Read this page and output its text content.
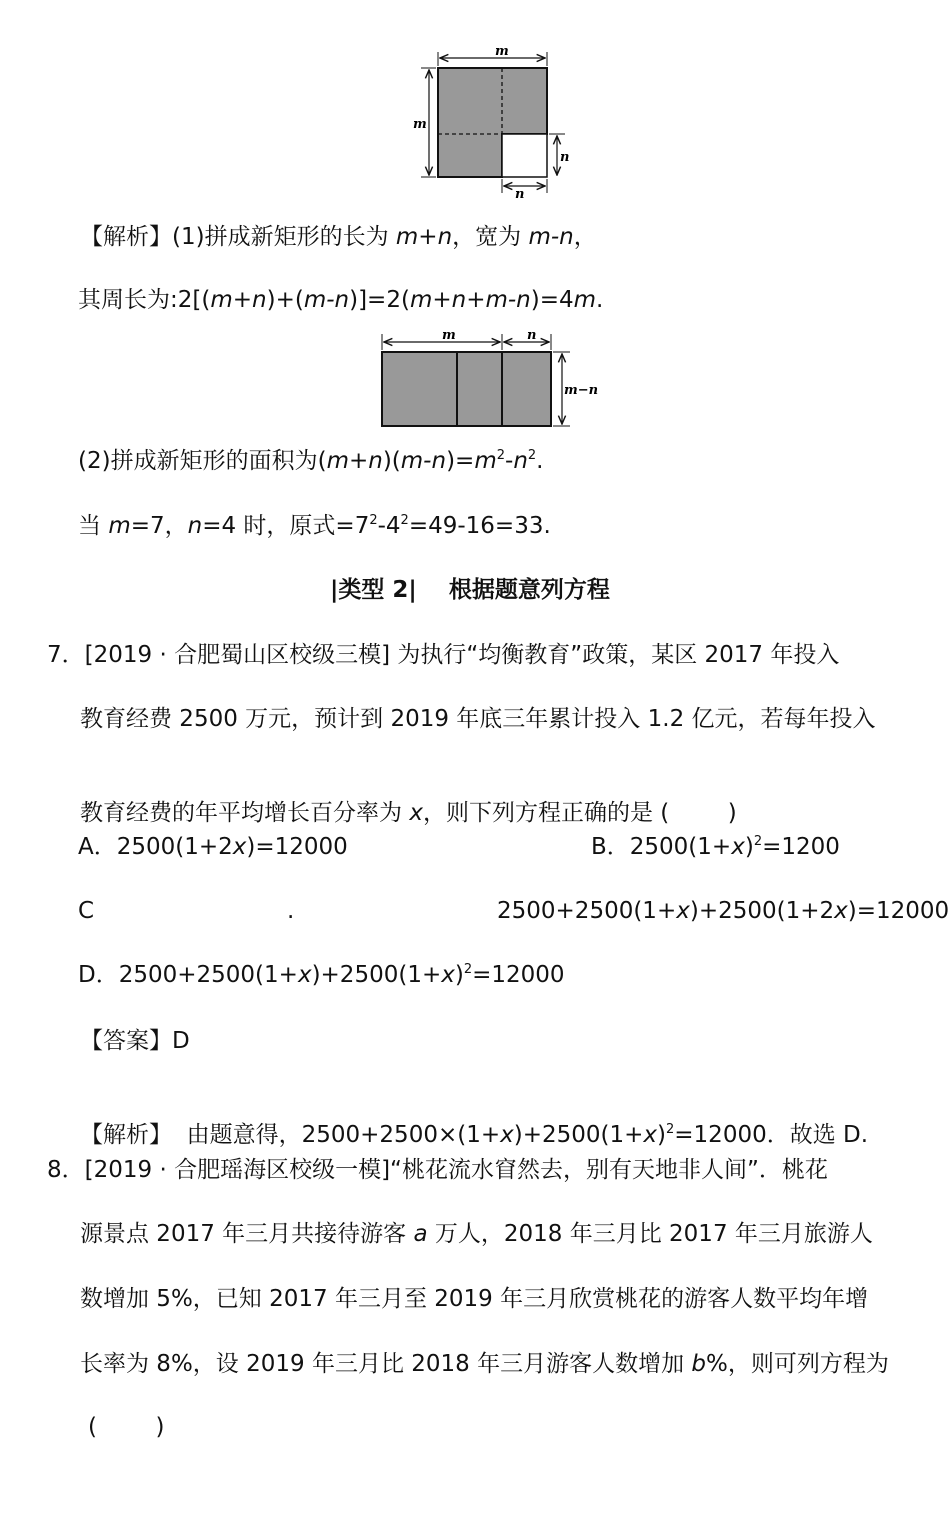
m
m
n
n
【解析】(1)拼成新矩形的长为 m+n，宽为 m-n，
其周长为:2[(m+n)+(m-n)]=2(m+n+m-n)=4m.
m	n
m−n
(2)拼成新矩形的面积为$(m+n)(m-n)=m^2-n^2$.
当 m=7，n=4 时，原式$=7^2-4^2=49-16=33$.
|类型 2|    根据题意列方程
7．[2019 · 合肥蜀山区校级三模] 为执行“均衡教育”政策，某区 2017 年投入
教育经费 2500 万元，预计到 2019 年底三年累计投入 1.2 亿元，若每年投入

教育经费的年平均增长百分率为 x，则下列方程正确的是 (        )
A．2500(1+2x)=12000	B．$2500(1+x)^2=1200$
C	.	2500+2500(1+x)+2500(1+2x)=12000
D．$2500+2500(1+x)+2500(1+x)^2=12000$
【答案】D

【解析】  由题意得，$2500+2500\times(1+x)+2500(1+x)^2=12000$．故选 D.
8．[2019 · 合肥瑶海区校级一模]“桃花流水窅然去，别有天地非人间”．桃花
源景点 2017 年三月共接待游客 a 万人，2018 年三月比 2017 年三月旅游人
数增加 5%，已知 2017 年三月至 2019 年三月欣赏桃花的游客人数平均年增
长率为 8%，设 2019 年三月比 2018 年三月游客人数增加 b%，则可列方程为
(        )
